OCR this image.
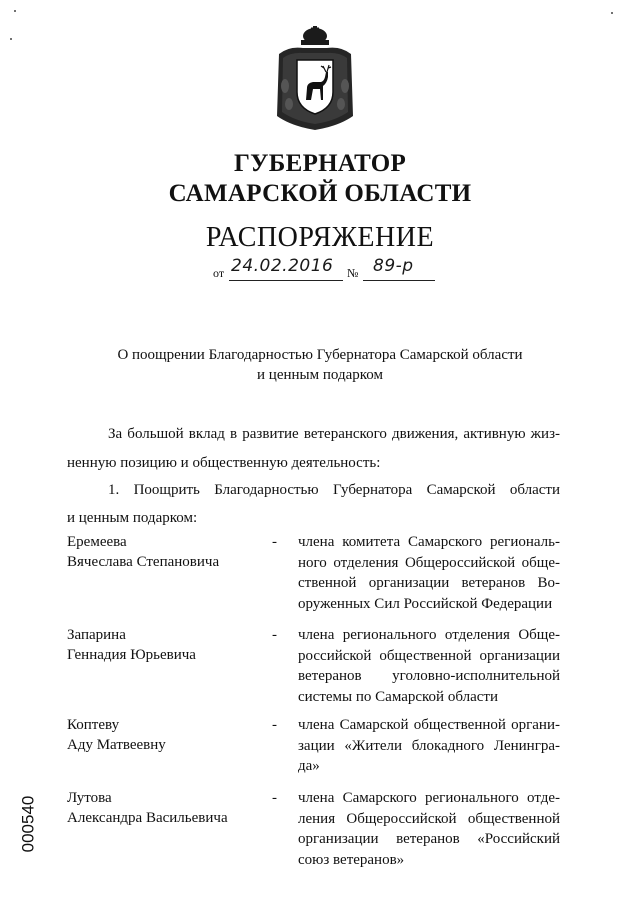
ГУБЕРНАТОР
САМАРСКОЙ ОБЛАСТИ
РАСПОРЯЖЕНИЕ
от 24.02.2016 № 89-р
О поощрении Благодарностью Губернатора Самарской области
и ценным подарком
За большой вклад в развитие ветеранского движения, активную жиз-
ненную позицию и общественную деятельность:
1. Поощрить Благодарностью Губернатора Самарской области
и ценным подарком:
Еремеева
Вячеслава Степановича
- члена комитета Самарского региональ-
ного отделения Общероссийской обще-
ственной организации ветеранов Во-
оруженных Сил Российской Федерации
Запарина
Геннадия Юрьевича
- члена регионального отделения Обще-
российской общественной организации
ветеранов уголовно-исполнительной
системы по Самарской области
Коптеву
Аду Матвеевну
- члена Самарской общественной органи-
зации «Жители блокадного Ленингра-
да»
Лутова
Александра Васильевича
- члена Самарского регионального отде-
ления Общероссийской общественной
организации ветеранов «Российский
союз ветеранов»
000540
